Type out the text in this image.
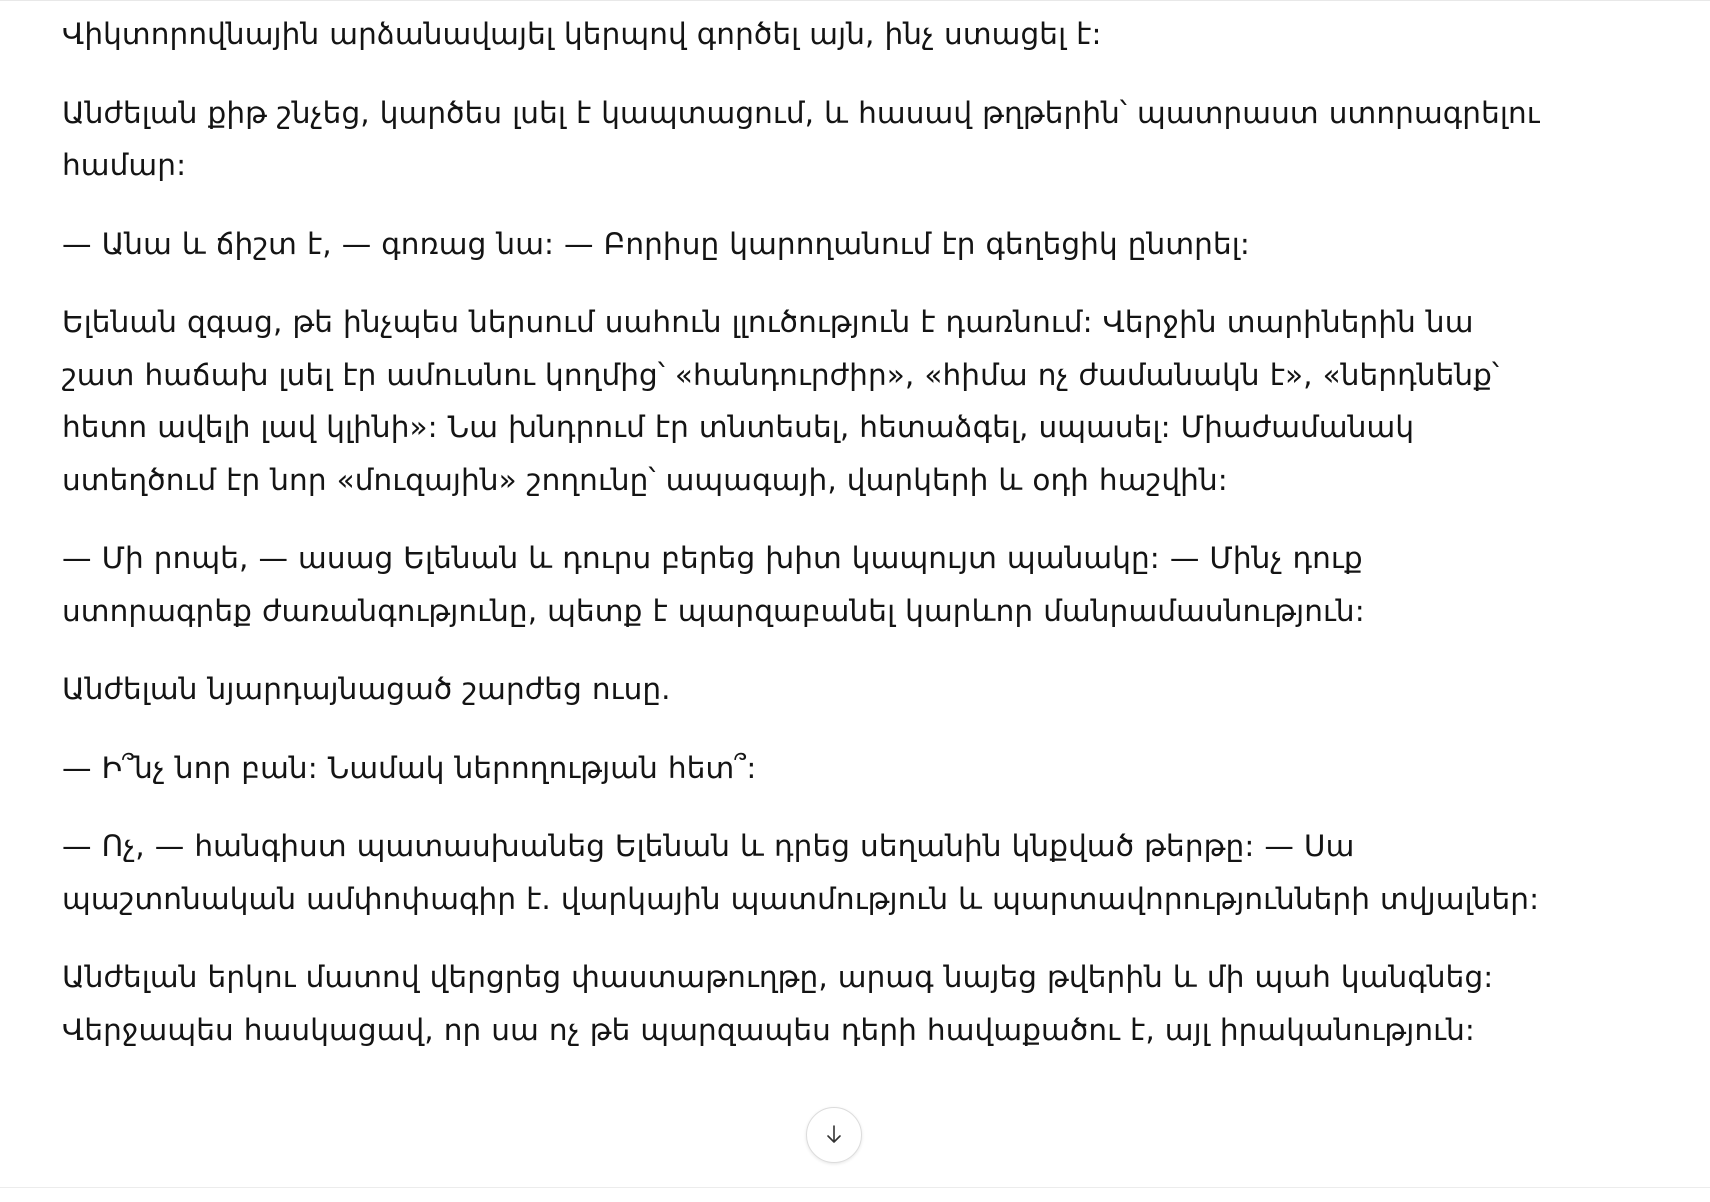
Վիկտորովնային արձանավայել կերպով գործել այն, ինչ ստացել է:

Անժելան քիթ շնչեց, կարծես լսել է կապտացում, և հասավ թղթերին՝ պատրաստ ստորագրելու համար:

— Անա և ճիշտ է, — գոռաց նա: — Բորիսը կարողանում էր գեղեցիկ ընտրել:

Ելենան զգաց, թե ինչպես ներսում սահուն լլուծություն է դառնում: Վերջին տարիներին նա շատ հաճախ լսել էր ամուսնու կողմից՝ «հանդուրժիր», «հիմա ոչ ժամանակն է», «ներդնենք՝ հետո ավելի լավ կլինի»: Նա խնդրում էր տնտեսել, հետաձգել, սպասել: Միաժամանակ ստեղծում էր նոր «մուզային» շողունը՝ ապագայի, վարկերի և օդի հաշվին:

— Մի րոպե, — ասաց Ելենան և դուրս բերեց խիտ կապույտ պանակը: — Մինչ դուք ստորագրեք ժառանգությունը, պետք է պարզաբանել կարևոր մանրամասնություն:

Անժելան նյարդայնացած շարժեց ուսը.

— Ի՞նչ նոր բան: Նամակ ներողության հետ՞:

— Ոչ, — հանգիստ պատասխանեց Ելենան և դրեց սեղանին կնքված թերթը: — Սա պաշտոնական ամփոփագիր է. վարկային պատմություն և պարտավորությունների տվյալներ:

Անժելան երկու մատով վերցրեց փաստաթուղթը, արագ նայեց թվերին և մի պահ կանգնեց: Վերջապես հասկացավ, որ սա ոչ թե պարզապես դերի հավաքածու է, այլ իրականություն:
